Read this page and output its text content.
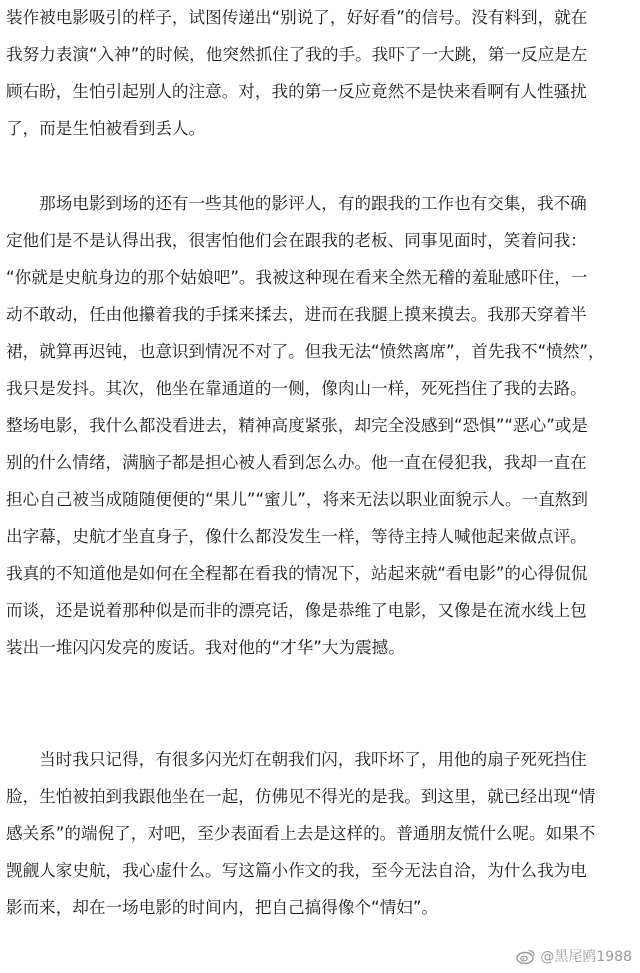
装作被电影吸引的样子，试图传递出“别说了，好好看”的信号。没有料到，就在
我努力表演“入神”的时候，他突然抓住了我的手。我吓了一大跳，第一反应是左
顾右盼，生怕引起别人的注意。对，我的第一反应竟然不是快来看啊有人性骚扰
了，而是生怕被看到丢人。
　　那场电影到场的还有一些其他的影评人，有的跟我的工作也有交集，我不确
定他们是不是认得出我，很害怕他们会在跟我的老板、同事见面时，笑着问我：
“你就是史航身边的那个姑娘吧”。我被这种现在看来全然无稽的羞耻感吓住，一
动不敢动，任由他攥着我的手揉来揉去，进而在我腿上摸来摸去。我那天穿着半
裙，就算再迟钝，也意识到情况不对了。但我无法“愤然离席”，首先我不“愤然”，
我只是发抖。其次，他坐在靠通道的一侧，像肉山一样，死死挡住了我的去路。
整场电影，我什么都没看进去，精神高度紧张，却完全没感到“恐惧”“恶心”或是
别的什么情绪，满脑子都是担心被人看到怎么办。他一直在侵犯我，我却一直在
担心自己被当成随随便便的“果儿”“蜜儿”，将来无法以职业面貌示人。一直熬到
出字幕，史航才坐直身子，像什么都没发生一样，等待主持人喊他起来做点评。
我真的不知道他是如何在全程都在看我的情况下，站起来就“看电影”的心得侃侃
而谈，还是说着那种似是而非的漂亮话，像是恭维了电影，又像是在流水线上包
装出一堆闪闪发亮的废话。我对他的“才华”大为震撼。
　　当时我只记得，有很多闪光灯在朝我们闪，我吓坏了，用他的扇子死死挡住
脸，生怕被拍到我跟他坐在一起，仿佛见不得光的是我。到这里，就已经出现“情
感关系”的端倪了，对吧，至少表面看上去是这样的。普通朋友慌什么呢。如果不
觊觎人家史航，我心虚什么。写这篇小作文的我，至今无法自洽，为什么我为电
影而来，却在一场电影的时间内，把自己搞得像个“情妇”。
@黑尾鸥1988
